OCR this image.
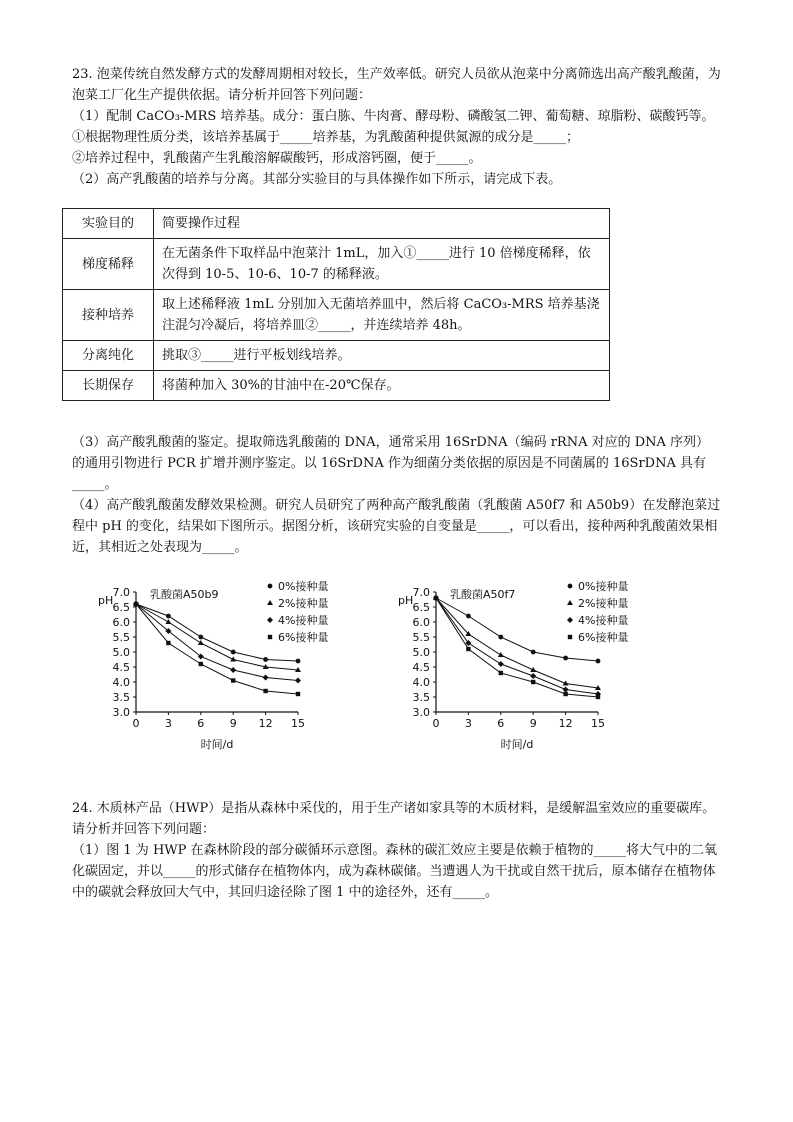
23. 泡菜传统自然发酵方式的发酵周期相对较长，生产效率低。研究人员欲从泡菜中分离筛选出高产酸乳酸菌，为泡菜工厂化生产提供依据。请分析并回答下列问题：

（1）配制 CaCO₃-MRS 培养基。成分：蛋白胨、牛肉膏、酵母粉、磷酸氢二钾、葡萄糖、琼脂粉、碳酸钙等。

①根据物理性质分类，该培养基属于_____培养基，为乳酸菌种提供氮源的成分是_____；

②培养过程中，乳酸菌产生乳酸溶解碳酸钙，形成溶钙圈，便于_____。

（2）高产乳酸菌的培养与分离。其部分实验目的与具体操作如下所示，请完成下表。

实验目的	简要操作过程
梯度稀释	在无菌条件下取样品中泡菜汁 1mL，加入①_____进行 10 倍梯度稀释，依次得到 10-5、10-6、10-7 的稀释液。
接种培养	取上述稀释液 1mL 分别加入无菌培养皿中，然后将 CaCO₃-MRS 培养基浇注混匀冷凝后，将培养皿②_____，并连续培养 48h。
分离纯化	挑取③_____进行平板划线培养。
长期保存	将菌种加入 30%的甘油中在-20℃保存。

（3）高产酸乳酸菌的鉴定。提取筛选乳酸菌的 DNA，通常采用 16SrDNA（编码 rRNA 对应的 DNA 序列）的通用引物进行 PCR 扩增并测序鉴定。以 16SrDNA 作为细菌分类依据的原因是不同菌属的 16SrDNA 具有_____。

（4）高产酸乳酸菌发酵效果检测。研究人员研究了两种高产酸乳酸菌（乳酸菌 A50f7 和 A50b9）在发酵泡菜过程中 pH 的变化，结果如下图所示。据图分析，该研究实验的自变量是_____，可以看出，接种两种乳酸菌效果相近，其相近之处表现为_____。

3.0
3.5
4.0
4.5
5.0
5.5
6.0
6.5
7.0
0 3 6 9 12 15
pH
时间/d
乳酸菌A50b9
0%接种量
2%接种量
4%接种量
6%接种量
3.0
3.5
4.0
4.5
5.0
5.5
6.0
6.5
7.0
0 3 6 9 12 15
pH
时间/d
乳酸菌A50f7
0%接种量
2%接种量
4%接种量
6%接种量

24. 木质林产品（HWP）是指从森林中采伐的，用于生产诸如家具等的木质材料，是缓解温室效应的重要碳库。请分析并回答下列问题：

（1）图 1 为 HWP 在森林阶段的部分碳循环示意图。森林的碳汇效应主要是依赖于植物的_____将大气中的二氧化碳固定，并以_____的形式储存在植物体内，成为森林碳储。当遭遇人为干扰或自然干扰后，原本储存在植物体中的碳就会释放回大气中，其回归途径除了图 1 中的途径外，还有_____。
